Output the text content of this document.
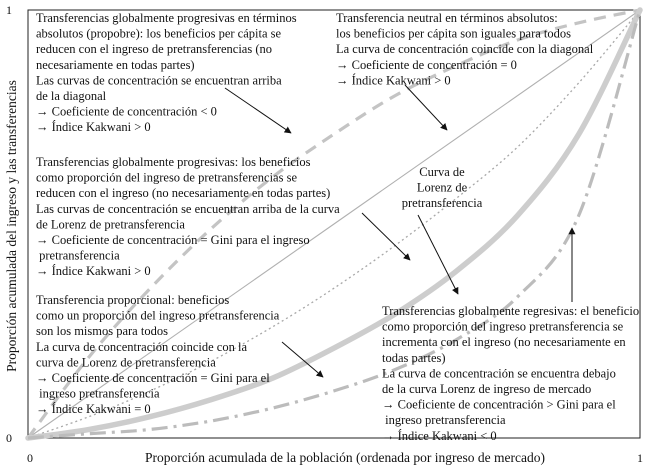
0	1
0
1
Proporción acumulada de la población (ordenada por ingreso de mercado)
Proporción acumulada del ingreso y las transferencias
Transferencias globalmente progresivas en términos absolutos (propobre): los beneficios per cápita se reducen con el ingreso de pretransferencias (no necesariamente en todas partes) Las curvas de concentración se encuentran arriba de la diagonal → Coeficiente de concentración < 0 → Índice Kakwani > 0
Transferencia neutral en términos absolutos: los beneficios per cápita son iguales para todos La curva de concentración coincide con la diagonal → Coeficiente de concentración = 0 → Índice Kakwani > 0
Transferencias globalmente progresivas: los beneficios como proporción del ingreso de pretransferencias se reducen con el ingreso (no necesariamente en todas partes) Las curvas de concentración se encuentran arriba de la curva de Lorenz de pretransferencia → Coeficiente de concentración = Gini para el ingreso pretransferencia → Índice Kakwani > 0
Curva de Lorenz de pretransferencia
Transferencia proporcional: beneficios como un proporción del ingreso pretransferencia son los mismos para todos La curva de concentración coincide con la curva de Lorenz de pretransferencia → Coeficiente de concentración = Gini para el ingreso pretransferencia → Índice Kakwani = 0
Transferencias globalmente regresivas: el beneficio como proporción del ingreso pretransferencia se incrementa con el ingreso (no necesariamente en todas partes) La curva de concentración se encuentra debajo de la curva Lorenz de ingreso de mercado → Coeficiente de concentración > Gini para el ingreso pretransferencia → Índice Kakwani < 0
